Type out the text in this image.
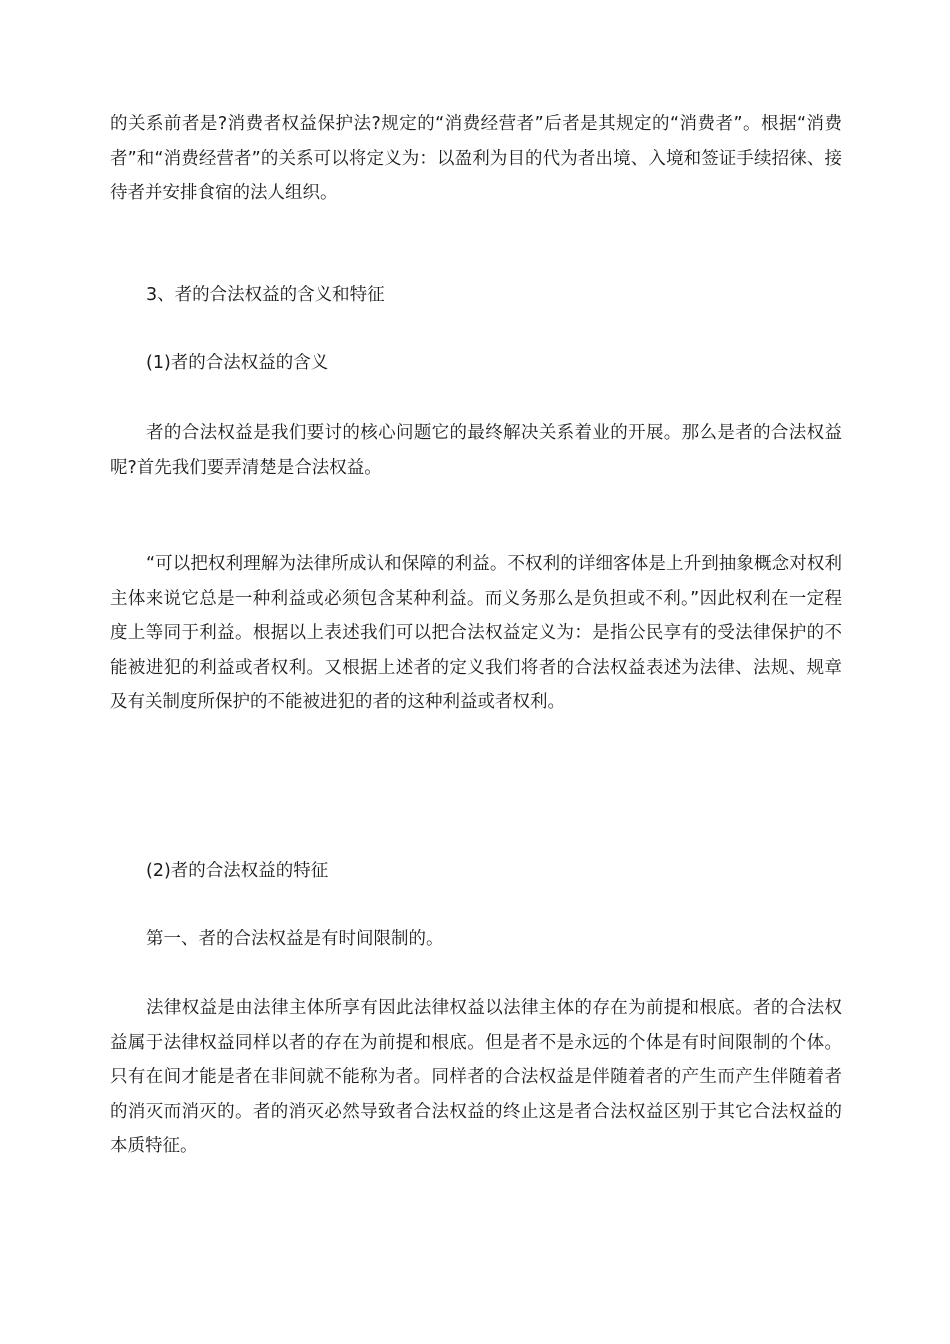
的关系前者是?消费者权益保护法?规定的“消费经营者”后者是其规定的“消费者”。根据“消费者”和“消费经营者”的关系可以将定义为：以盈利为目的代为者出境、入境和签证手续招徕、接待者并安排食宿的法人组织。

3、者的合法权益的含义和特征

(1)者的合法权益的含义

者的合法权益是我们要讨的核心问题它的最终解决关系着业的开展。那么是者的合法权益呢?首先我们要弄清楚是合法权益。

“可以把权利理解为法律所成认和保障的利益。不权利的详细客体是上升到抽象概念对权利主体来说它总是一种利益或必须包含某种利益。而义务那么是负担或不利。”因此权利在一定程度上等同于利益。根据以上表述我们可以把合法权益定义为：是指公民享有的受法律保护的不能被进犯的利益或者权利。又根据上述者的定义我们将者的合法权益表述为法律、法规、规章及有关制度所保护的不能被进犯的者的这种利益或者权利。

(2)者的合法权益的特征

第一、者的合法权益是有时间限制的。

法律权益是由法律主体所享有因此法律权益以法律主体的存在为前提和根底。者的合法权益属于法律权益同样以者的存在为前提和根底。但是者不是永远的个体是有时间限制的个体。只有在间才能是者在非间就不能称为者。同样者的合法权益是伴随着者的产生而产生伴随着者的消灭而消灭的。者的消灭必然导致者合法权益的终止这是者合法权益区别于其它合法权益的本质特征。
